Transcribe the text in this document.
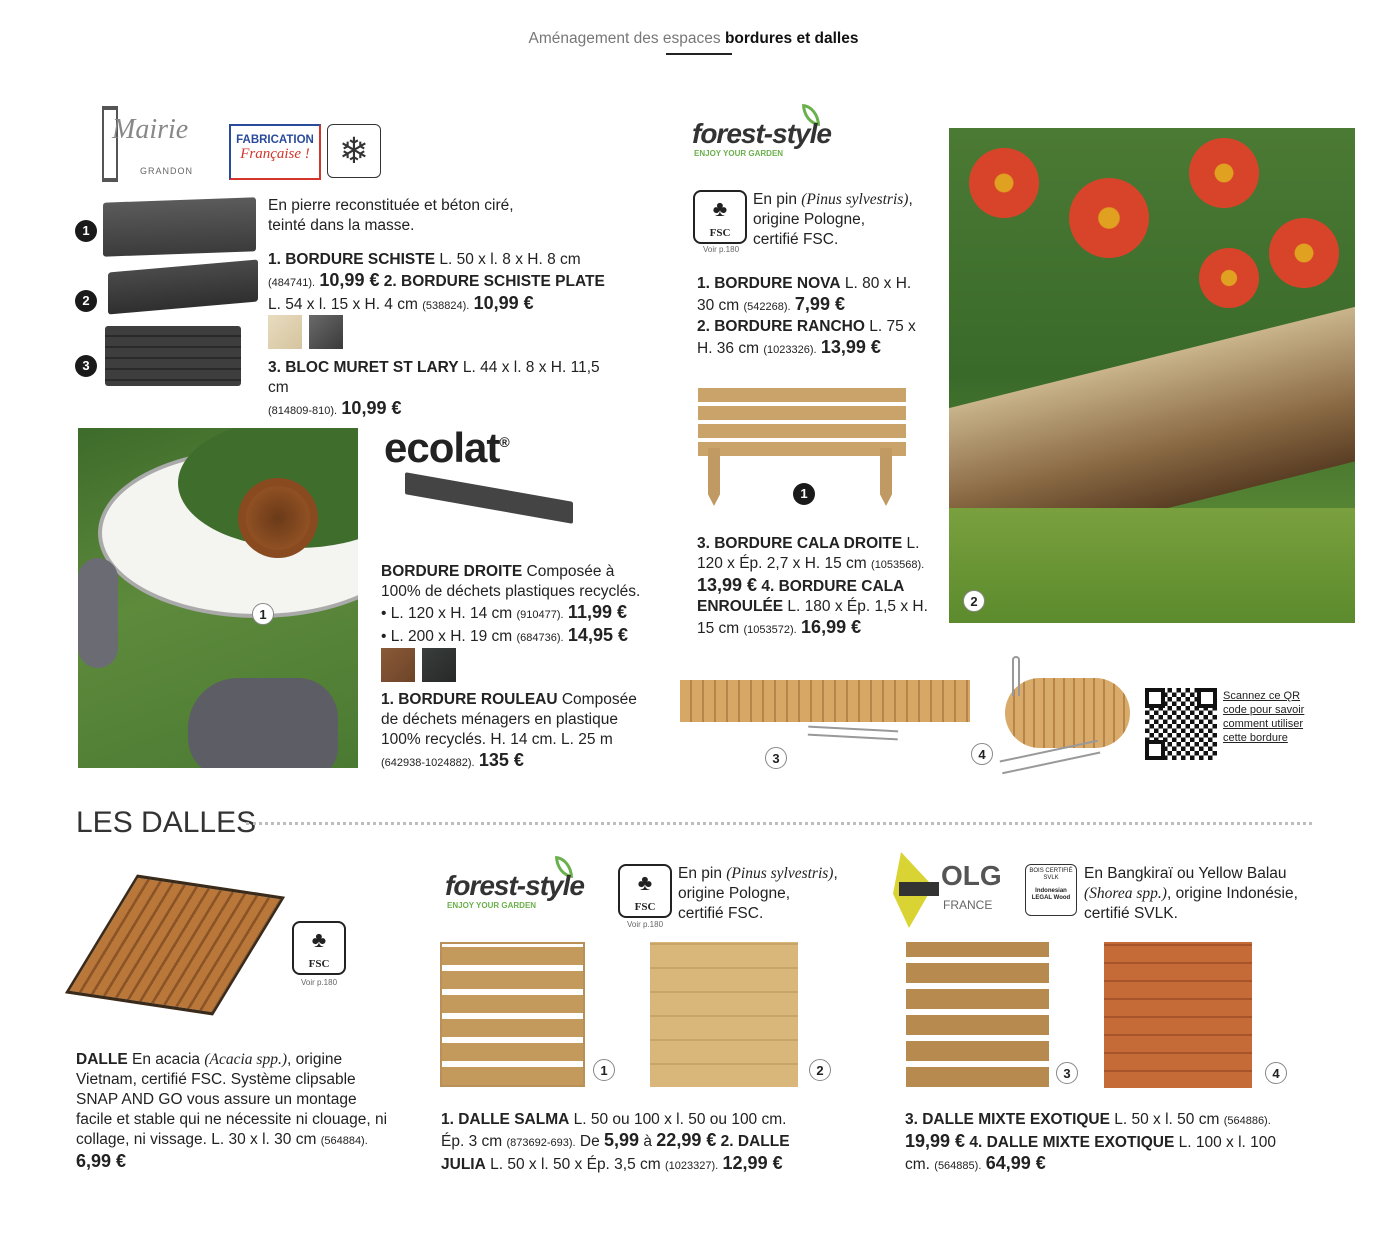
Aménagement des espaces bordures et dalles
Mairie
GRANDON
FABRICATION
Française ! ❄
1
2
3
En pierre reconstituée et béton ciré, teinté dans la masse.
1. BORDURE SCHISTE L. 50 x l. 8 x H. 8 cm (484741). 10,99 € 2. BORDURE SCHISTE PLATE L. 54 x l. 15 x H. 4 cm (538824). 10,99 €
3. BLOC MURET ST LARY L. 44 x l. 8 x H. 11,5 cm
(814809-810). 10,99 €
1
ecolat®
BORDURE DROITE Composée à 100% de déchets plastiques recyclés.
• L. 120 x H. 14 cm (910477). 11,99 €
• L. 200 x H. 19 cm (684736). 14,95 €
1. BORDURE ROULEAU Composée de déchets ménagers en plastique 100% recyclés. H. 14 cm. L. 25 m (642938-1024882). 135 €
forest-style
ENJOY YOUR GARDEN
♣
FSC
Voir p.180
En pin (Pinus sylvestris), origine Pologne, certifié FSC.
1. BORDURE NOVA L. 80 x H. 30 cm (542268). 7,99 €
2. BORDURE RANCHO L. 75 x H. 36 cm (1023326). 13,99 €
1
3. BORDURE CALA DROITE L. 120 x Ép. 2,7 x H. 15 cm (1053568). 13,99 € 4. BORDURE CALA ENROULÉE L. 180 x Ép. 1,5 x H. 15 cm (1053572). 16,99 €
2
3	4
Scannez ce QR code pour savoir comment utiliser cette bordure
LES DALLES
♣
FSC
Voir p.180
DALLE En acacia (Acacia spp.), origine Vietnam, certifié FSC. Système clipsable SNAP AND GO vous assure un montage facile et stable qui ne nécessite ni clouage, ni collage, ni vissage. L. 30 x l. 30 cm (564884). 6,99 €
forest-style
ENJOY YOUR GARDEN
♣
FSC
Voir p.180
En pin (Pinus sylvestris), origine Pologne, certifié FSC.
1	2
1. DALLE SALMA L. 50 ou 100 x l. 50 ou 100 cm. Ép. 3 cm (873692-693). De 5,99 à 22,99 € 2. DALLE JULIA L. 50 x l. 50 x Ép. 3,5 cm (1023327). 12,99 €
OLG
FRANCE
BOIS CERTIFIÉ SVLK
Indonesian LEGAL Wood
En Bangkiraï ou Yellow Balau (Shorea spp.), origine Indonésie, certifié SVLK.
3	4
3. DALLE MIXTE EXOTIQUE L. 50 x l. 50 cm (564886).
19,99 € 4. DALLE MIXTE EXOTIQUE L. 100 x l. 100 cm. (564885). 64,99 €
